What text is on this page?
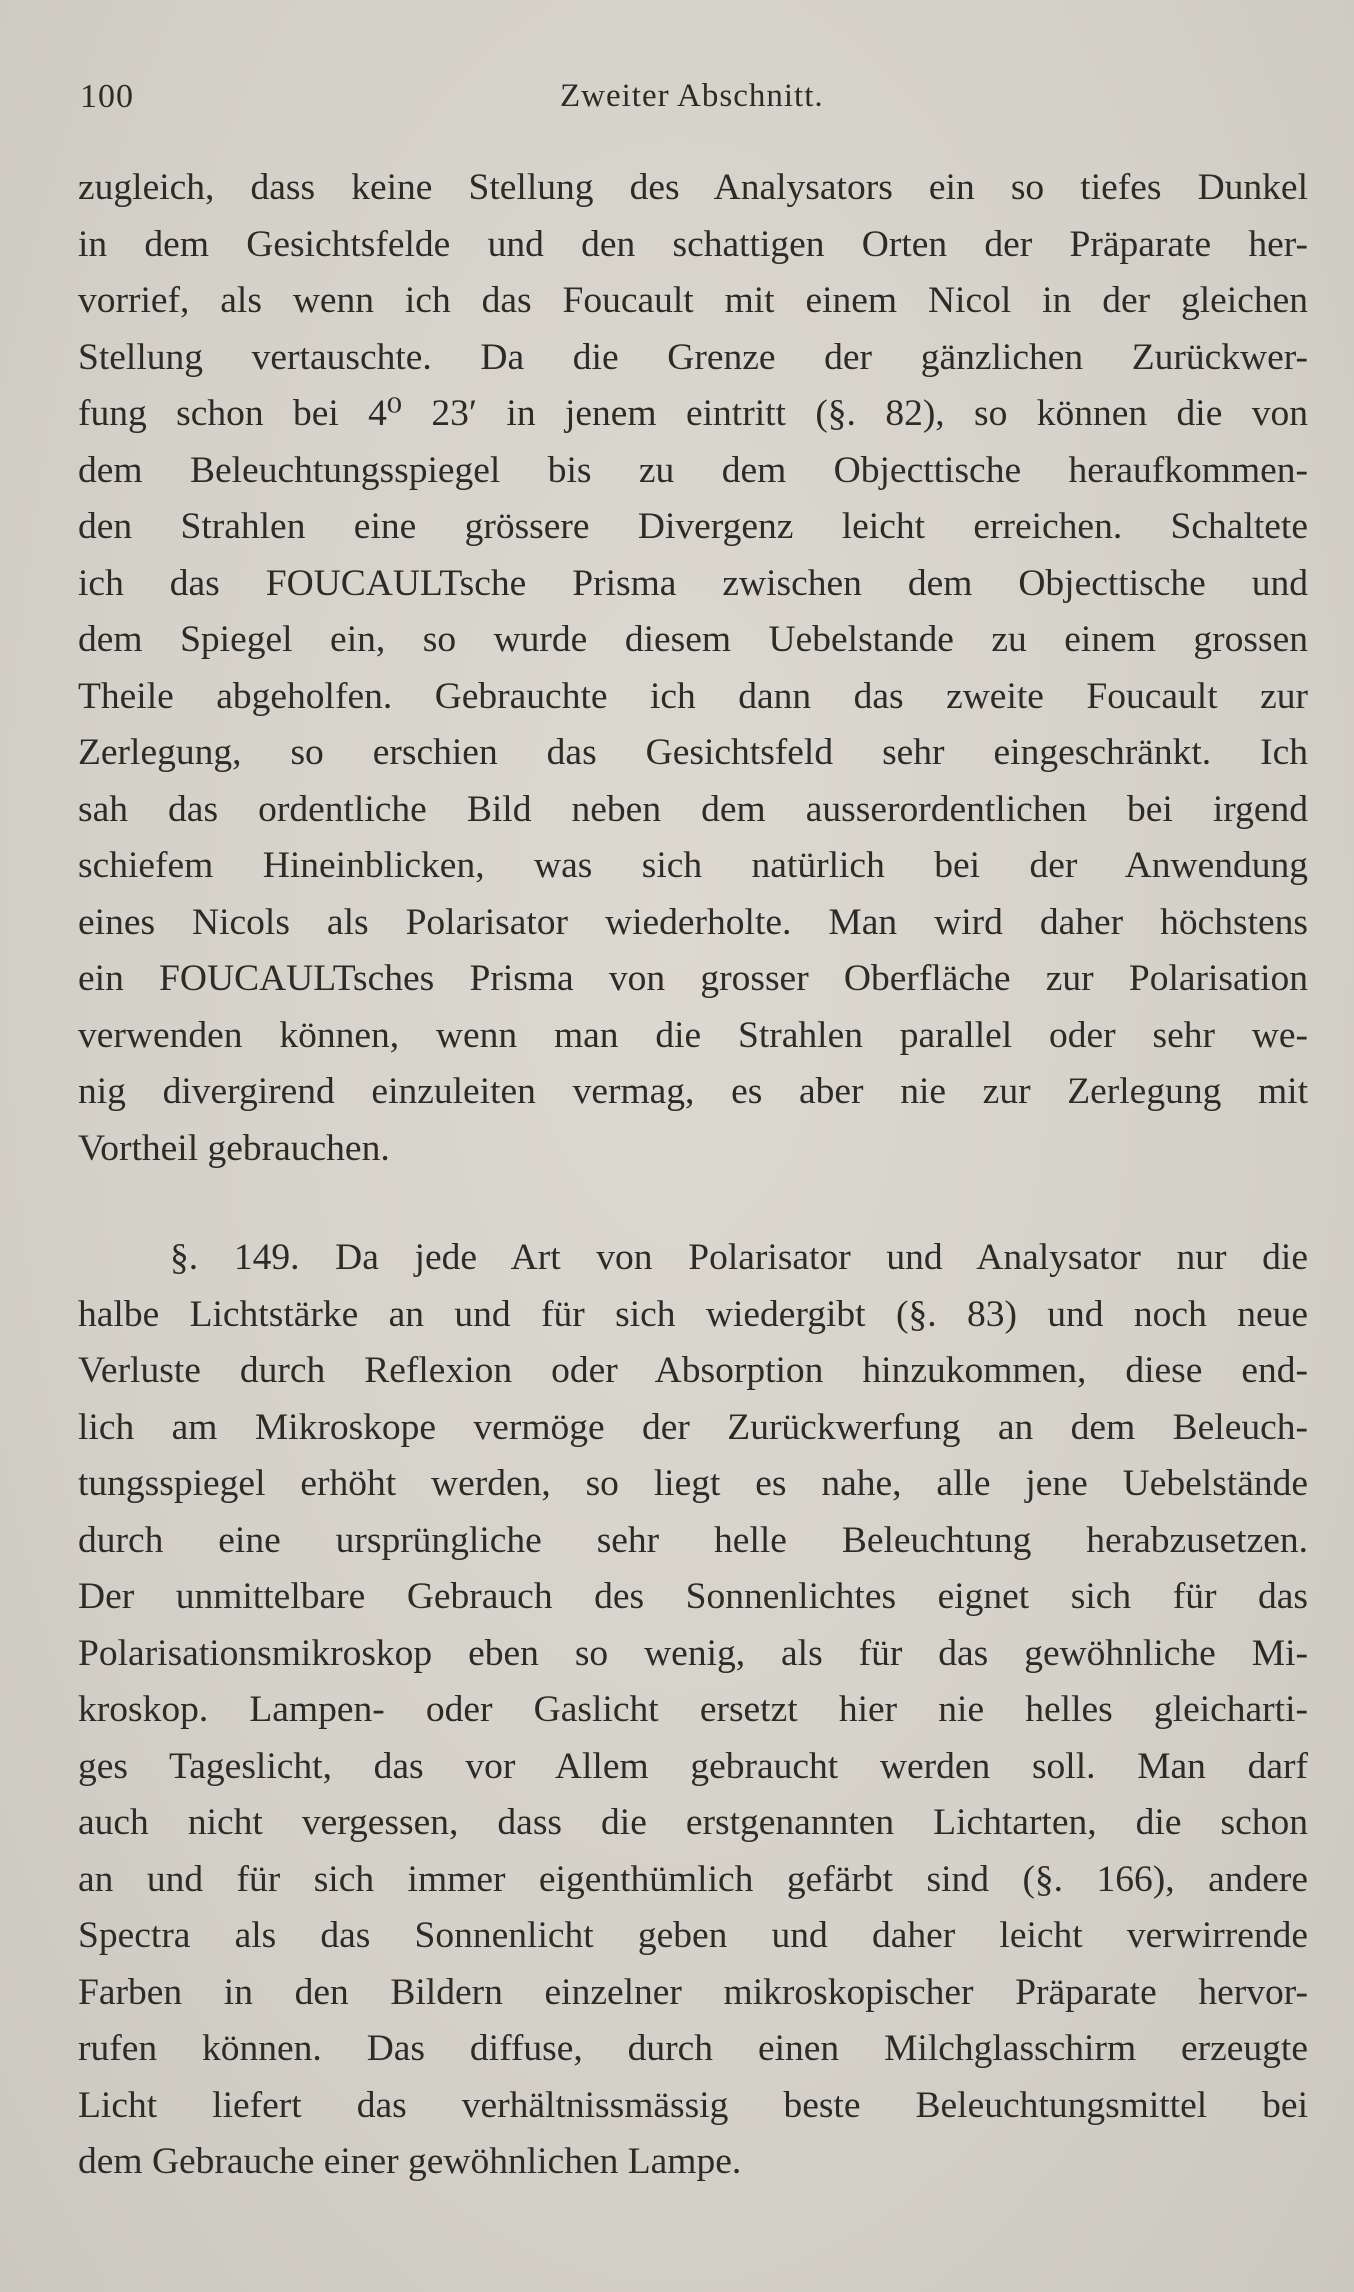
100	Zweiter Abschnitt.
zugleich, dass keine Stellung des Analysators ein so tiefes Dunkel
in dem Gesichtsfelde und den schattigen Orten der Präparate her-
vorrief, als wenn ich das Foucault mit einem Nicol in der gleichen
Stellung vertauschte. Da die Grenze der gänzlichen Zurückwer-
fung schon bei 4⁰ 23′ in jenem eintritt (§. 82), so können die von
dem Beleuchtungsspiegel bis zu dem Objecttische heraufkommen-
den Strahlen eine grössere Divergenz leicht erreichen. Schaltete
ich das FOUCAULTsche Prisma zwischen dem Objecttische und
dem Spiegel ein, so wurde diesem Uebelstande zu einem grossen
Theile abgeholfen. Gebrauchte ich dann das zweite Foucault zur
Zerlegung, so erschien das Gesichtsfeld sehr eingeschränkt. Ich
sah das ordentliche Bild neben dem ausserordentlichen bei irgend
schiefem Hineinblicken, was sich natürlich bei der Anwendung
eines Nicols als Polarisator wiederholte. Man wird daher höchstens
ein FOUCAULTsches Prisma von grosser Oberfläche zur Polarisation
verwenden können, wenn man die Strahlen parallel oder sehr we-
nig divergirend einzuleiten vermag, es aber nie zur Zerlegung mit
Vortheil gebrauchen.
§. 149. Da jede Art von Polarisator und Analysator nur die
halbe Lichtstärke an und für sich wiedergibt (§. 83) und noch neue
Verluste durch Reflexion oder Absorption hinzukommen, diese end-
lich am Mikroskope vermöge der Zurückwerfung an dem Beleuch-
tungsspiegel erhöht werden, so liegt es nahe, alle jene Uebelstände
durch eine ursprüngliche sehr helle Beleuchtung herabzusetzen.
Der unmittelbare Gebrauch des Sonnenlichtes eignet sich für das
Polarisationsmikroskop eben so wenig, als für das gewöhnliche Mi-
kroskop. Lampen- oder Gaslicht ersetzt hier nie helles gleicharti-
ges Tageslicht, das vor Allem gebraucht werden soll. Man darf
auch nicht vergessen, dass die erstgenannten Lichtarten, die schon
an und für sich immer eigenthümlich gefärbt sind (§. 166), andere
Spectra als das Sonnenlicht geben und daher leicht verwirrende
Farben in den Bildern einzelner mikroskopischer Präparate hervor-
rufen können. Das diffuse, durch einen Milchglasschirm erzeugte
Licht liefert das verhältnissmässig beste Beleuchtungsmittel bei
dem Gebrauche einer gewöhnlichen Lampe.
